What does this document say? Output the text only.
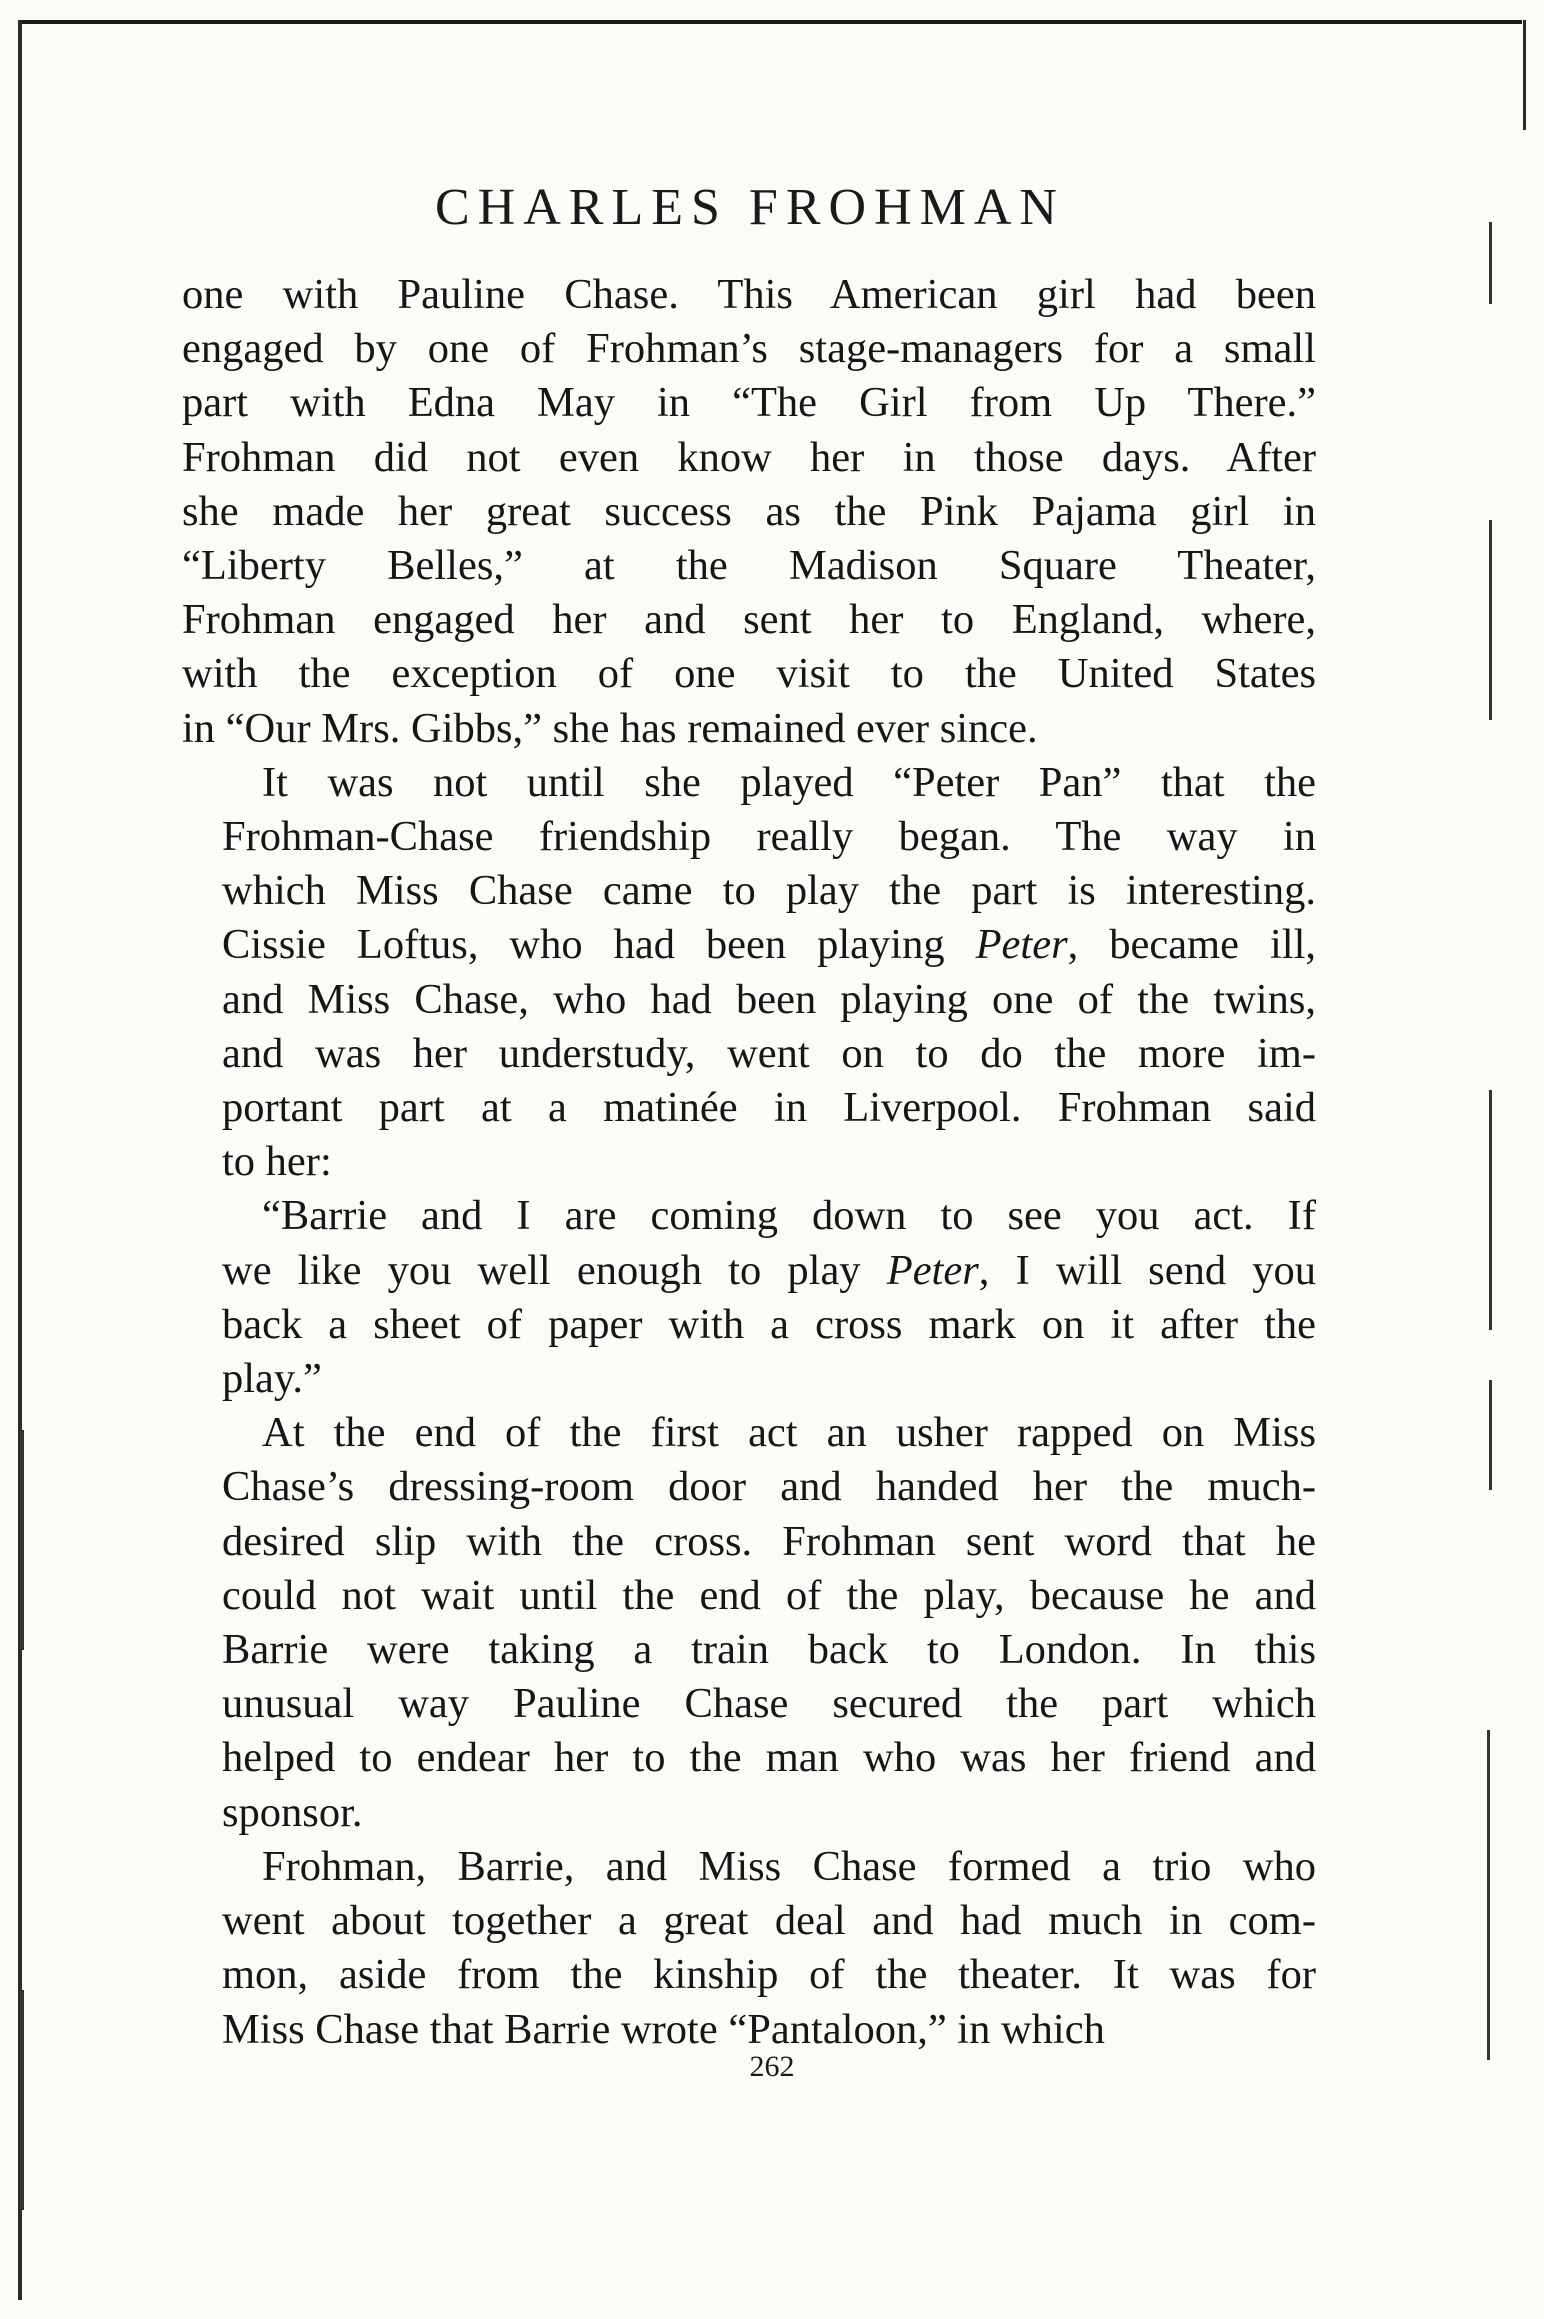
CHARLES FROHMAN

one with Pauline Chase. This American girl had been
engaged by one of Frohman’s stage-managers for a small
part with Edna May in “The Girl from Up There.”
Frohman did not even know her in those days. After
she made her great success as the Pink Pajama girl in
“Liberty Belles,” at the Madison Square Theater,
Frohman engaged her and sent her to England, where,
with the exception of one visit to the United States
in “Our Mrs. Gibbs,” she has remained ever since.

It was not until she played “Peter Pan” that the
Frohman-Chase friendship really began. The way in
which Miss Chase came to play the part is interesting.
Cissie Loftus, who had been playing Peter, became ill,
and Miss Chase, who had been playing one of the twins,
and was her understudy, went on to do the more im-
portant part at a matinée in Liverpool. Frohman said
to her:

“Barrie and I are coming down to see you act. If
we like you well enough to play Peter, I will send you
back a sheet of paper with a cross mark on it after the
play.”

At the end of the first act an usher rapped on Miss
Chase’s dressing-room door and handed her the much-
desired slip with the cross. Frohman sent word that he
could not wait until the end of the play, because he and
Barrie were taking a train back to London. In this
unusual way Pauline Chase secured the part which
helped to endear her to the man who was her friend and
sponsor.

Frohman, Barrie, and Miss Chase formed a trio who
went about together a great deal and had much in com-
mon, aside from the kinship of the theater. It was for
Miss Chase that Barrie wrote “Pantaloon,” in which

262
